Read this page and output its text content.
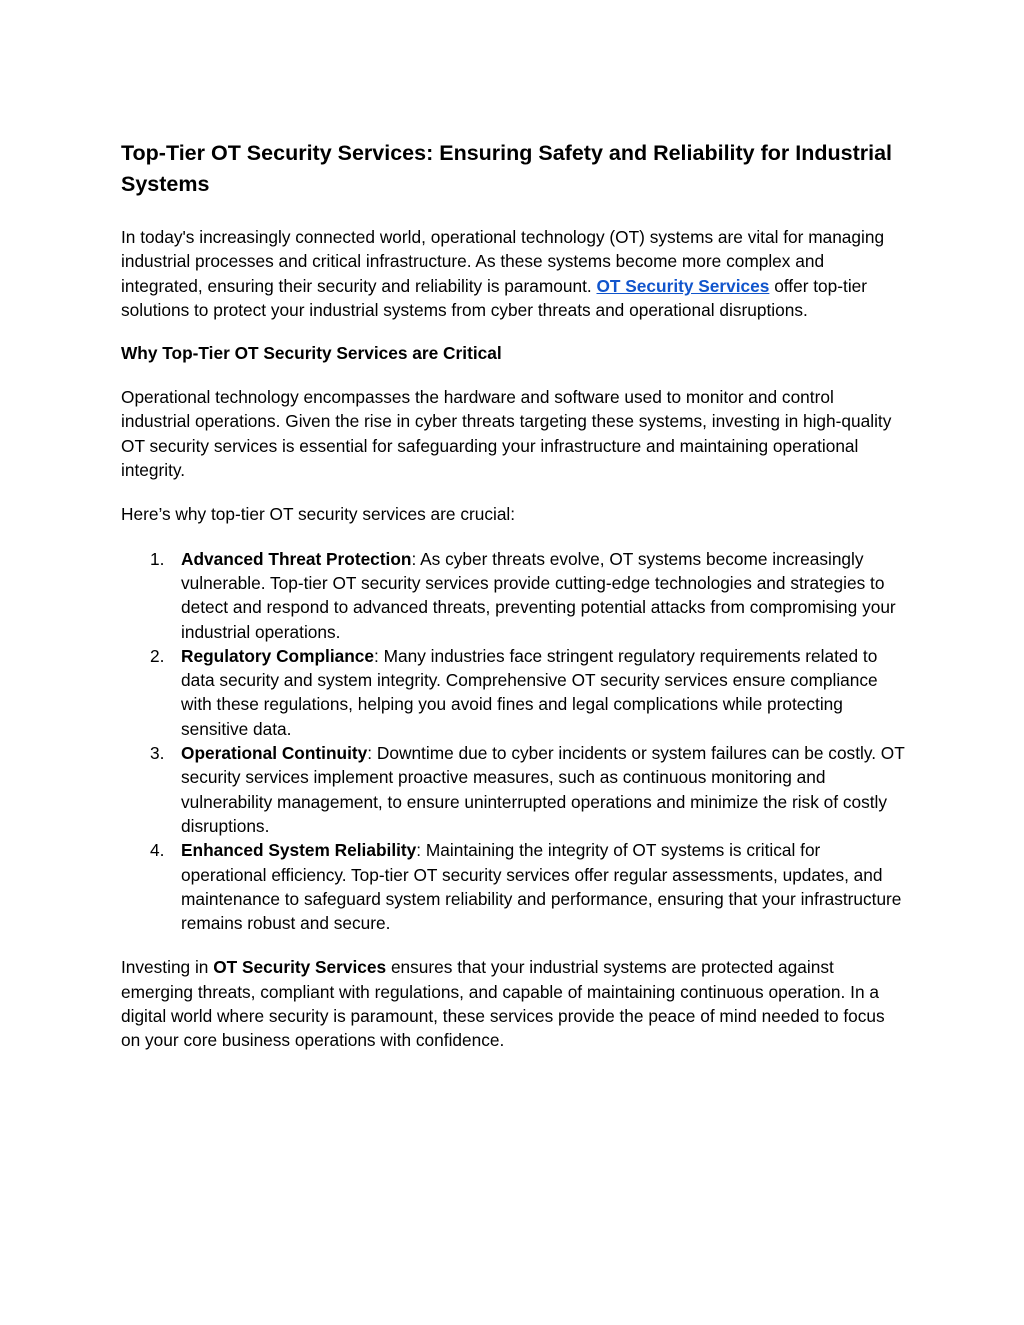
Top-Tier OT Security Services: Ensuring Safety and Reliability for Industrial Systems

In today's increasingly connected world, operational technology (OT) systems are vital for managing industrial processes and critical infrastructure. As these systems become more complex and integrated, ensuring their security and reliability is paramount. OT Security Services offer top-tier solutions to protect your industrial systems from cyber threats and operational disruptions.

Why Top-Tier OT Security Services are Critical

Operational technology encompasses the hardware and software used to monitor and control industrial operations. Given the rise in cyber threats targeting these systems, investing in high-quality OT security services is essential for safeguarding your infrastructure and maintaining operational integrity.

Here’s why top-tier OT security services are crucial:

1. Advanced Threat Protection: As cyber threats evolve, OT systems become increasingly vulnerable. Top-tier OT security services provide cutting-edge technologies and strategies to detect and respond to advanced threats, preventing potential attacks from compromising your industrial operations.
2. Regulatory Compliance: Many industries face stringent regulatory requirements related to data security and system integrity. Comprehensive OT security services ensure compliance with these regulations, helping you avoid fines and legal complications while protecting sensitive data.
3. Operational Continuity: Downtime due to cyber incidents or system failures can be costly. OT security services implement proactive measures, such as continuous monitoring and vulnerability management, to ensure uninterrupted operations and minimize the risk of costly disruptions.
4. Enhanced System Reliability: Maintaining the integrity of OT systems is critical for operational efficiency. Top-tier OT security services offer regular assessments, updates, and maintenance to safeguard system reliability and performance, ensuring that your infrastructure remains robust and secure.

Investing in OT Security Services ensures that your industrial systems are protected against emerging threats, compliant with regulations, and capable of maintaining continuous operation. In a digital world where security is paramount, these services provide the peace of mind needed to focus on your core business operations with confidence.
